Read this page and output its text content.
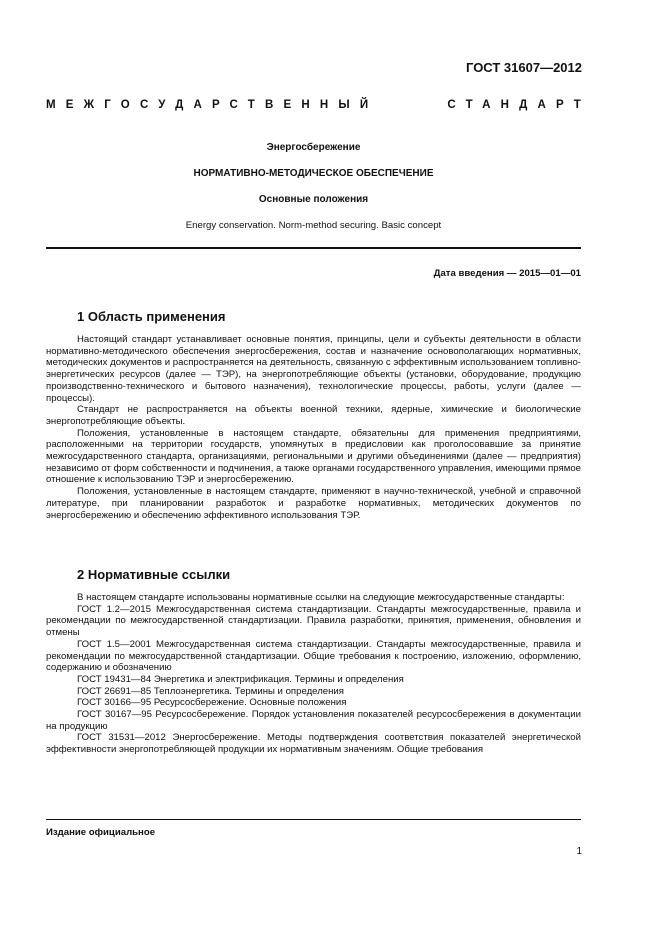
ГОСТ 31607—2012
МЕЖГОСУДАРСТВЕННЫЙ	СТАНДАРТ
Энергосбережение
НОРМАТИВНО-МЕТОДИЧЕСКОЕ ОБЕСПЕЧЕНИЕ
Основные положения
Energy conservation. Norm-method securing. Basic concept
Дата введения — 2015—01—01
1 Область применения

Настоящий стандарт устанавливает основные понятия, принципы, цели и субъекты деятельности в области нормативно-методического обеспечения энергосбережения, состав и назначение основополагающих нормативных, методических документов и распространяется на деятельность, связанную с эффективным использованием топливно-энергетических ресурсов (далее — ТЭР), на энергопотребляющие объекты (установки, оборудование, продукцию производственно-технического и бытового назначения), технологические процессы, работы, услуги (далее — процессы).

Стандарт не распространяется на объекты военной техники, ядерные, химические и биологические энергопотребляющие объекты.

Положения, установленные в настоящем стандарте, обязательны для применения предприятиями, расположенными на территории государств, упомянутых в предисловии как проголосовавшие за принятие межгосударственного стандарта, организациями, региональными и другими объединениями (далее — предприятия) независимо от форм собственности и подчинения, а также органами государственного управления, имеющими прямое отношение к использованию ТЭР и энергосбережению.

Положения, установленные в настоящем стандарте, применяют в научно-технической, учебной и справочной литературе, при планировании разработок и разработке нормативных, методических документов по энергосбережению и обеспечению эффективного использования ТЭР.

2 Нормативные ссылки

В настоящем стандарте использованы нормативные ссылки на следующие межгосударственные стандарты:

ГОСТ 1.2—2015 Межгосударственная система стандартизации. Стандарты межгосударственные, правила и рекомендации по межгосударственной стандартизации. Правила разработки, принятия, применения, обновления и отмены

ГОСТ 1.5—2001 Межгосударственная система стандартизации. Стандарты межгосударственные, правила и рекомендации по межгосударственной стандартизации. Общие требования к построению, изложению, оформлению, содержанию и обозначению

ГОСТ 19431—84 Энергетика и электрификация. Термины и определения

ГОСТ 26691—85 Теплоэнергетика. Термины и определения

ГОСТ 30166—95 Ресурсосбережение. Основные положения

ГОСТ 30167—95 Ресурсосбережение. Порядок установления показателей ресурсосбережения в документации на продукцию

ГОСТ 31531—2012 Энергосбережение. Методы подтверждения соответствия показателей энергетической эффективности энергопотребляющей продукции их нормативным значениям. Общие требования

Издание официальное
1
